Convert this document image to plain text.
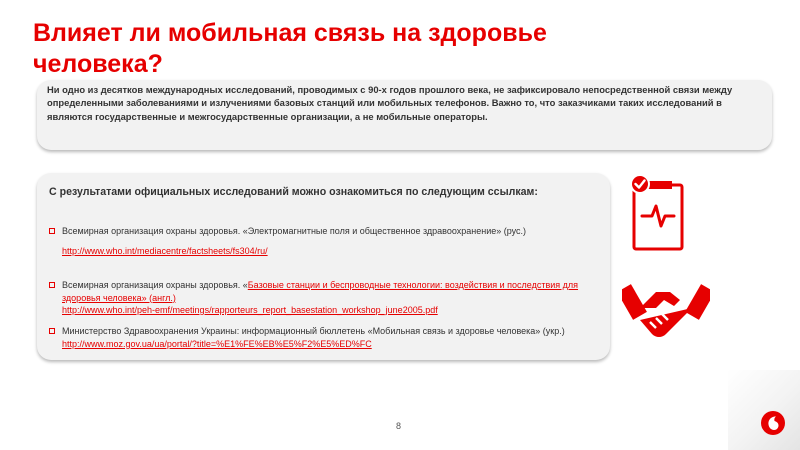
Влияет ли мобильная связь на здоровье человека?
Ни одно из десятков международных исследований, проводимых с 90-х годов прошлого века, не зафиксировало непосредственной связи между определенными заболеваниями и излучениями базовых станций или мобильных телефонов. Важно то, что заказчиками таких исследований в являются государственные и межгосударственные организации, а не мобильные операторы.
С результатами официальных исследований можно ознакомиться по следующим ссылкам:
Всемирная организация охраны здоровья. «Электромагнитные поля и общественное здравоохранение» (рус.)
http://www.who.int/mediacentre/factsheets/fs304/ru/
Всемирная организация охраны здоровья. «Базовые станции и беспроводные технологии: воздействия и последствия для здоровья человека» (англ.)
http://www.who.int/peh-emf/meetings/rapporteurs_report_basestation_workshop_june2005.pdf
Министерство Здравоохранения Украины: информационный бюллетень «Мобильная связь и здоровье человека» (укр.) http://www.moz.gov.ua/ua/portal/?title=%E1%FE%EB%E5%F2%E5%ED%FC
8
